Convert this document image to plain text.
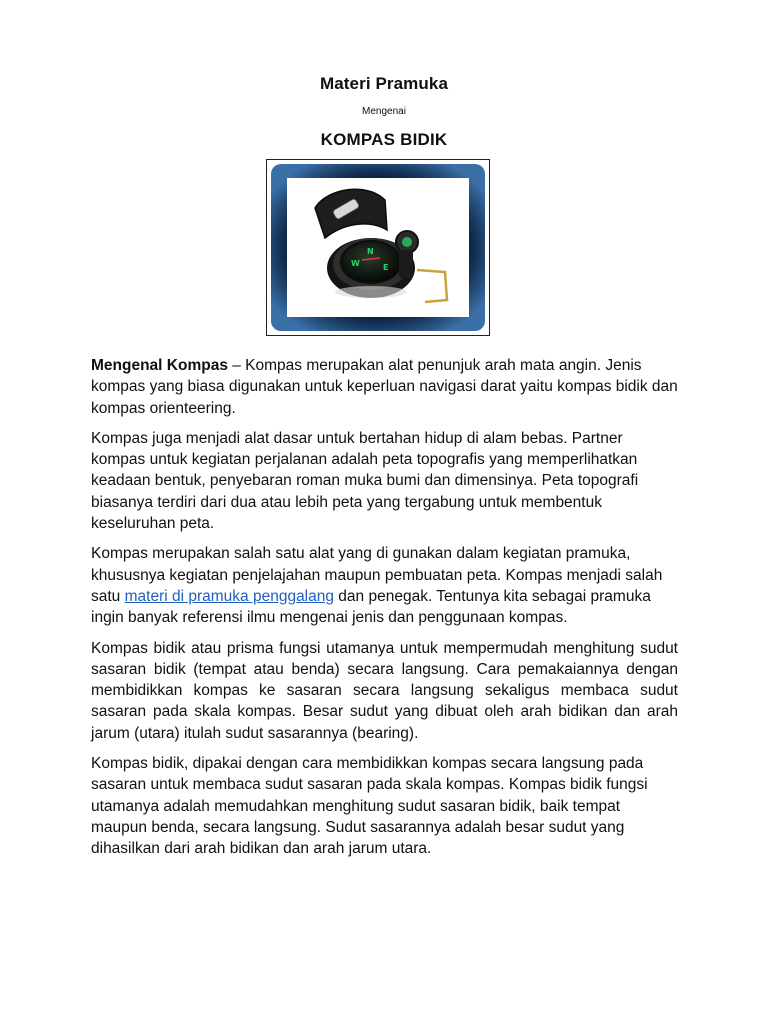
Materi Pramuka
Mengenai
KOMPAS BIDIK
N
W	E

Mengenal Kompas – Kompas merupakan alat penunjuk arah mata angin. Jenis kompas yang biasa digunakan untuk keperluan navigasi darat yaitu kompas bidik dan kompas orienteering.

Kompas juga menjadi alat dasar untuk bertahan hidup di alam bebas. Partner kompas untuk kegiatan perjalanan adalah peta topografis yang memperlihatkan keadaan bentuk, penyebaran roman muka bumi dan dimensinya. Peta topografi biasanya terdiri dari dua atau lebih peta yang tergabung untuk membentuk keseluruhan peta.

Kompas merupakan salah satu alat yang di gunakan dalam kegiatan pramuka, khususnya kegiatan penjelajahan maupun pembuatan peta. Kompas menjadi salah satu materi di pramuka penggalang dan penegak. Tentunya kita sebagai pramuka ingin banyak referensi ilmu mengenai jenis dan penggunaan kompas.

Kompas bidik atau prisma fungsi utamanya untuk mempermudah menghitung sudut sasaran bidik (tempat atau benda) secara langsung. Cara pemakaiannya dengan membidikkan kompas ke sasaran secara langsung sekaligus membaca sudut sasaran pada skala kompas. Besar sudut yang dibuat oleh arah bidikan dan arah jarum (utara) itulah sudut sasarannya (bearing).

Kompas bidik, dipakai dengan cara membidikkan kompas secara langsung pada sasaran untuk membaca sudut sasaran pada skala kompas. Kompas bidik fungsi utamanya adalah memudahkan menghitung sudut sasaran bidik, baik tempat maupun benda, secara langsung. Sudut sasarannya adalah besar sudut yang dihasilkan dari arah bidikan dan arah jarum utara.
